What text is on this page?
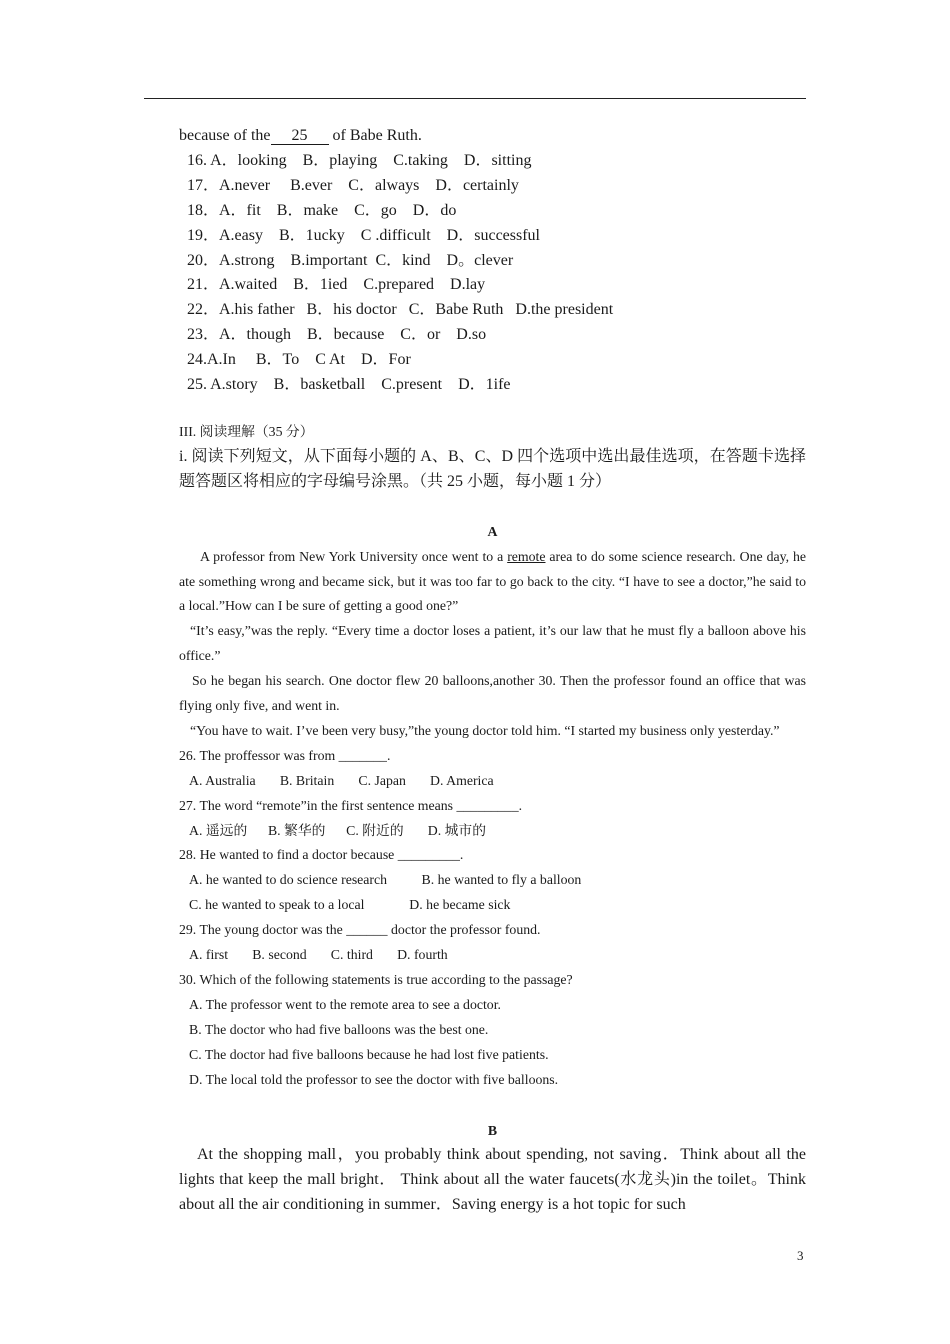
because of the 25 of Babe Ruth.
16. A．looking    B．playing    C.taking    D．sitting
17．A.never     B.ever    C．always    D．certainly
18．A．fit    B．make    C．go    D．do
19．A.easy    B．1ucky    C .difficult    D．successful
20．A.strong    B.important  C．kind    D。clever
21．A.waited    B．1ied    C.prepared    D.lay
22．A.his father   B．his doctor   C．Babe Ruth   D.the president
23．A．though    B．because    C．or    D.so
24.A.In     B．To    C At    D．For
25. A.story    B．basketball    C.present    D．1ife
III. 阅读理解（35 分）
i. 阅读下列短文，从下面每小题的 A、B、C、D 四个选项中选出最佳选项，在答题卡选择题答题区将相应的字母编号涂黑。（共 25 小题，每小题 1 分）
A
A professor from New York University once went to a remote area to do some science research. One day, he ate something wrong and became sick, but it was too far to go back to the city. “I have to see a doctor,”he said to a local.”How can I be sure of getting a good one?”
“It’s easy,”was the reply. “Every time a doctor loses a patient, it’s our law that he must fly a balloon above his office.”
So he began his search. One doctor flew 20 balloons,another 30. Then the professor found an office that was flying only five, and went in.
“You have to wait. I’ve been very busy,”the young doctor told him. “I started my business only yesterday.”
26. The proffessor was from _______.
A. Australia       B. Britain       C. Japan       D. America
27. The word “remote”in the first sentence means _________.
A. 遥远的      B. 繁华的      C. 附近的       D. 城市的
28. He wanted to find a doctor because _________.
A. he wanted to do science research          B. he wanted to fly a balloon
C. he wanted to speak to a local             D. he became sick
29. The young doctor was the ______ doctor the professor found.
A. first       B. second       C. third       D. fourth
30. Which of the following statements is true according to the passage?
A. The professor went to the remote area to see a doctor.
B. The doctor who had five balloons was the best one.
C. The doctor had five balloons because he had lost five patients.
D. The local told the professor to see the doctor with five balloons.
B
At the shopping mall，you probably think about spending, not saving．Think about all the lights that keep the mall bright． Think about all the water faucets(水龙头)in the toilet。Think about all the air conditioning in summer．Saving energy is a hot topic for such
3
